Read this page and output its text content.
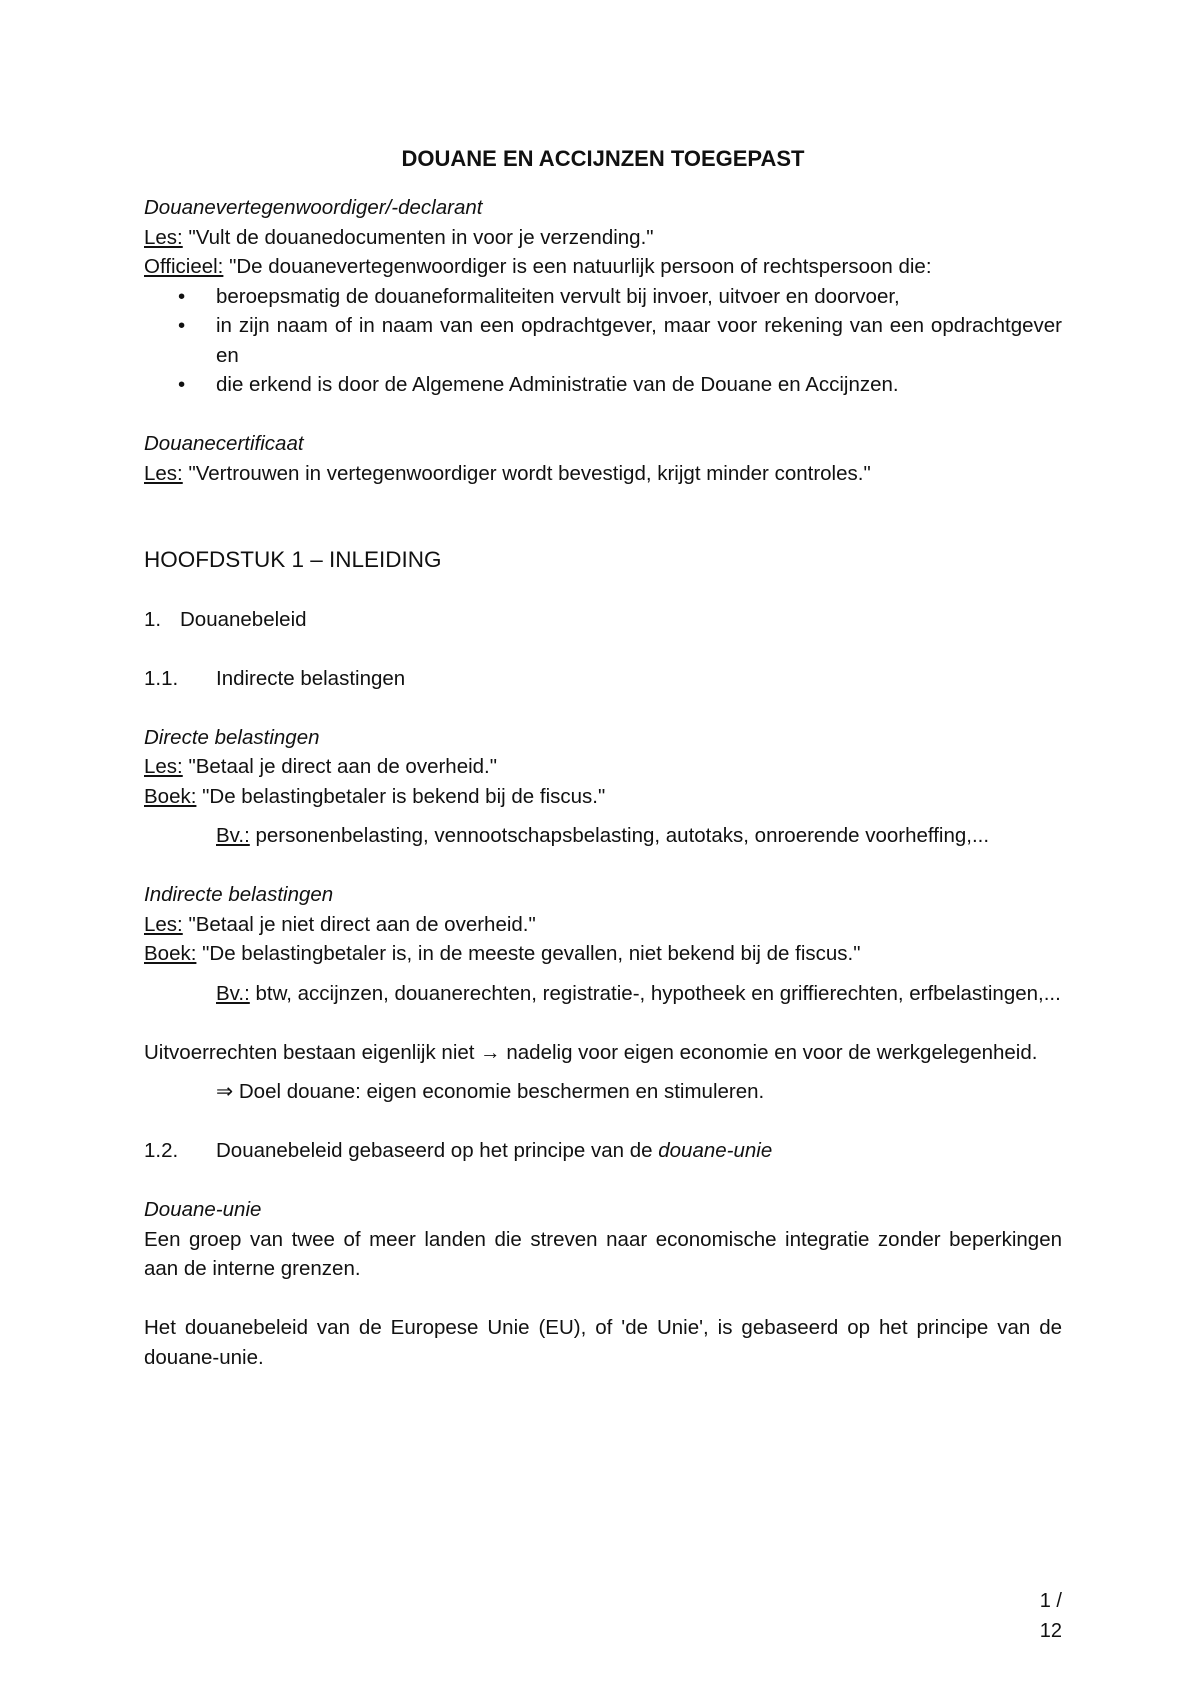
DOUANE EN ACCIJNZEN TOEGEPAST

Douanevertegenwoordiger/-declarant

Les: "Vult de douanedocumenten in voor je verzending."

Officieel: "De douanevertegenwoordiger is een natuurlijk persoon of rechtspersoon die:

• beroepsmatig de douaneformaliteiten vervult bij invoer, uitvoer en doorvoer,
• in zijn naam of in naam van een opdrachtgever, maar voor rekening van een opdrachtgever en
• die erkend is door de Algemene Administratie van de Douane en Accijnzen.

Douanecertificaat

Les: "Vertrouwen in vertegenwoordiger wordt bevestigd, krijgt minder controles."

HOOFDSTUK 1 – INLEIDING

1. Douanebeleid
1.1.	Indirecte belastingen

Directe belastingen

Les: "Betaal je direct aan de overheid."

Boek: "De belastingbetaler is bekend bij de fiscus."

Bv.: personenbelasting, vennootschapsbelasting, autotaks, onroerende voorheffing,...

Indirecte belastingen

Les: "Betaal je niet direct aan de overheid."

Boek: "De belastingbetaler is, in de meeste gevallen, niet bekend bij de fiscus."

Bv.: btw, accijnzen, douanerechten, registratie-, hypotheek en griffierechten, erfbelastingen,...

Uitvoerrechten bestaan eigenlijk niet → nadelig voor eigen economie en voor de werkgelegenheid.

⇒ Doel douane: eigen economie beschermen en stimuleren.

1.2.	Douanebeleid gebaseerd op het principe van de douane-unie

Douane-unie

Een groep van twee of meer landen die streven naar economische integratie zonder beperkingen aan de interne grenzen.

Het douanebeleid van de Europese Unie (EU), of 'de Unie', is gebaseerd op het principe van de douane-unie.

1 / 12
